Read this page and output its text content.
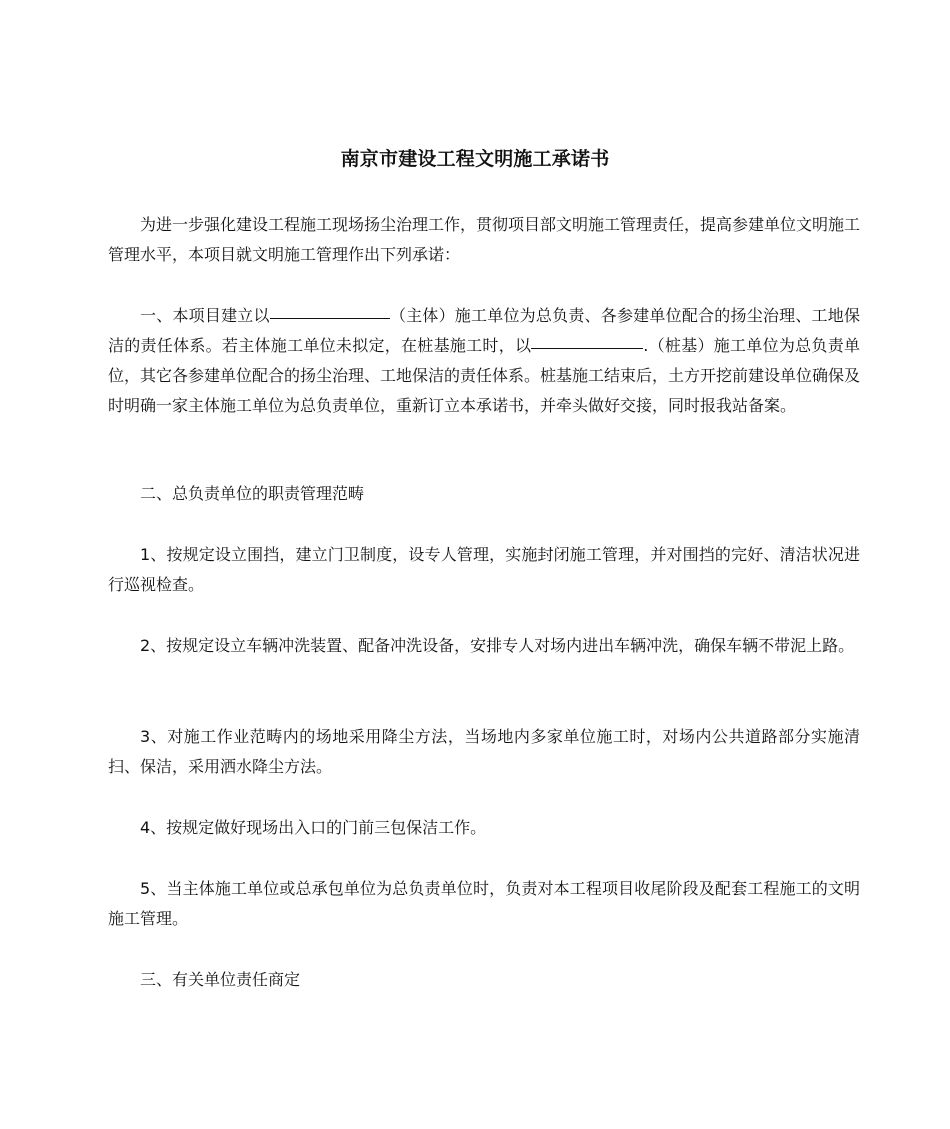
南京市建设工程文明施工承诺书

为进一步强化建设工程施工现场扬尘治理工作，贯彻项目部文明施工管理责任，提高参建单位文明施工管理水平，本项目就文明施工管理作出下列承诺：

一、本项目建立以	（主体）施工单位为总负责、各参建单位配合的扬尘治理、工地保洁的责任体系。若主体施工单位未拟定，在桩基施工时，以	.（桩基）施工单位为总负责单位，其它各参建单位配合的扬尘治理、工地保洁的责任体系。桩基施工结束后，土方开挖前建设单位确保及时明确一家主体施工单位为总负责单位，重新订立本承诺书，并牵头做好交接，同时报我站备案。

二、总负责单位的职责管理范畴

1、按规定设立围挡，建立门卫制度，设专人管理，实施封闭施工管理，并对围挡的完好、清洁状况进行巡视检查。

2、按规定设立车辆冲洗装置、配备冲洗设备，安排专人对场内进出车辆冲洗，确保车辆不带泥上路。

3、对施工作业范畴内的场地采用降尘方法，当场地内多家单位施工时，对场内公共道路部分实施清扫、保洁，采用洒水降尘方法。

4、按规定做好现场出入口的门前三包保洁工作。

5、当主体施工单位或总承包单位为总负责单位时，负责对本工程项目收尾阶段及配套工程施工的文明施工管理。

三、有关单位责任商定
